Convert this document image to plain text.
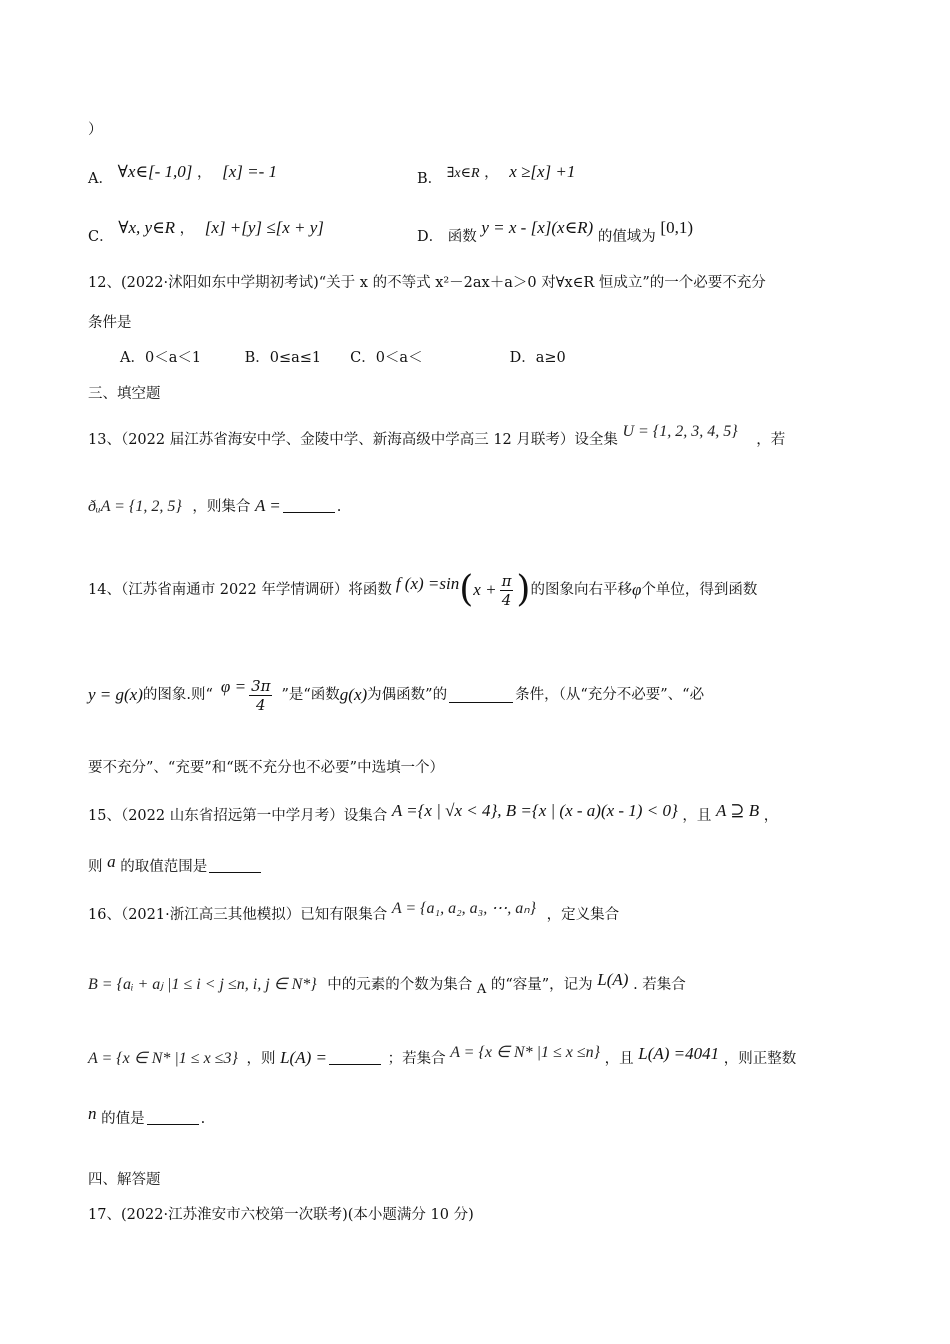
）
A． ∀x∈[- 1,0] ， [x] =- 1	B． ∃x∈R ， x ≥[x] +1
C． ∀x, y∈R ， [x] +[y] ≤[x + y]	D． 函数 y = x - [x](x∈R) 的值域为 [0,1)
12、(2022·沭阳如东中学期初考试)“关于 x 的不等式 x²－2ax＋a＞0 对∀x∈R 恒成立”的一个必要不充分
条件是
A．0＜a＜1　　　B．0≤a≤1　　C．0＜a＜　　　　　　D．a≥0
三、填空题
13、（2022 届江苏省海安中学、金陵中学、新海高级中学高三 12 月联考）设全集 U = {1, 2, 3, 4, 5} ，若
ðᵤA = {1, 2, 5} ，则集合 A =	.
14、（江苏省南通市 2022 年学情调研）将函数 f (x) =sin ( $x + \frac{\pi}{4}$ ) 的图象向右平移 φ 个单位，得到函数
y = g(x) 的图象.则“ $\varphi = \frac{3\pi}{4}$ ”是“函数 g(x) 为偶函数”的	条件，（从“充分不必要”、“必
要不充分”、“充要”和“既不充分也不必要”中选填一个）
15、（2022 山东省招远第一中学月考）设集合 A ={x | √x < 4}, B ={x | (x - a)(x - 1) < 0} ，且 A ⊇ B ，
则 a 的取值范围是
16、（2021·浙江高三其他模拟）已知有限集合 A = {a₁, a₂, a₃, ⋯, aₙ} ，定义集合
B = {aᵢ + aⱼ |1 ≤ i < j ≤n, i, j ∈ N*} 中的元素的个数为集合 A 的“容量”，记为 L(A) . 若集合
A = {x ∈ N* |1 ≤ x ≤3} ，则 L(A) =	；若集合 A = {x ∈ N* |1 ≤ x ≤n} ，且 L(A) =4041 ，则正整数
n 的值是	.
四、解答题
17、(2022·江苏淮安市六校第一次联考)(本小题满分 10 分)
